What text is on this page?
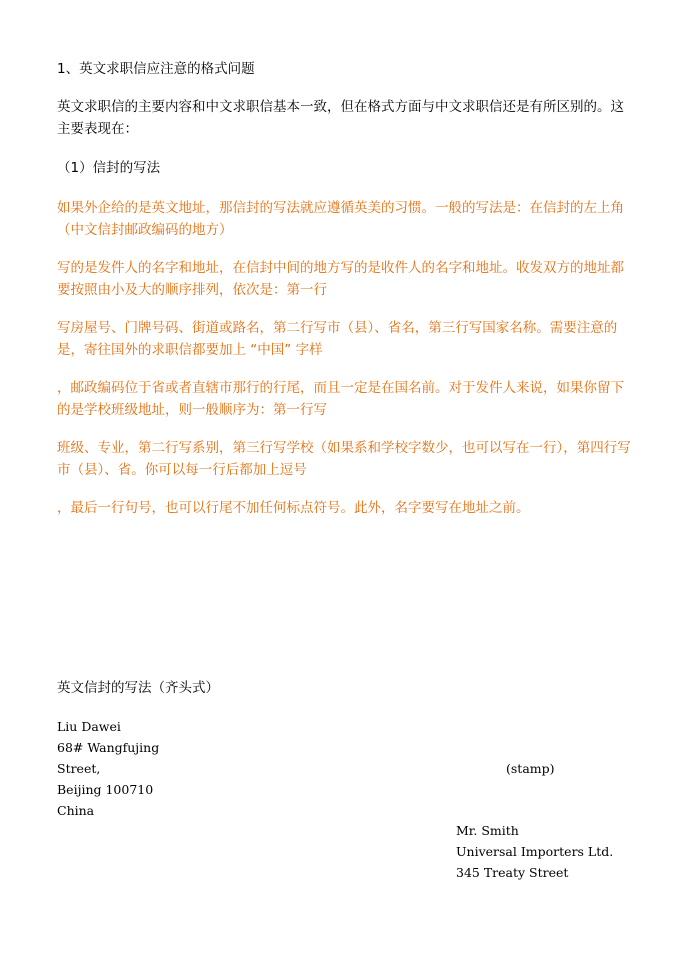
1、英文求职信应注意的格式问题

英文求职信的主要内容和中文求职信基本一致，但在格式方面与中文求职信还是有所区别的。这主要表现在：

（1）信封的写法

如果外企给的是英文地址，那信封的写法就应遵循英美的习惯。一般的写法是：在信封的左上角（中文信封邮政编码的地方）

写的是发件人的名字和地址，在信封中间的地方写的是收件人的名字和地址。收发双方的地址都要按照由小及大的顺序排列，依次是：第一行

写房屋号、门牌号码、街道或路名，第二行写市（县）、省名，第三行写国家名称。需要注意的是，寄往国外的求职信都要加上 “中国” 字样

，邮政编码位于省或者直辖市那行的行尾，而且一定是在国名前。对于发件人来说，如果你留下的是学校班级地址，则一般顺序为：第一行写

班级、专业，第二行写系别，第三行写学校（如果系和学校字数少，也可以写在一行），第四行写市（县）、省。你可以每一行后都加上逗号

，最后一行句号，也可以行尾不加任何标点符号。此外，名字要写在地址之前。

英文信封的写法（齐头式）

Liu Dawei

68# Wangfujing

Street,

Beijing 100710

China

(stamp)

Mr. Smith

Universal Importers Ltd.

345 Treaty Street
